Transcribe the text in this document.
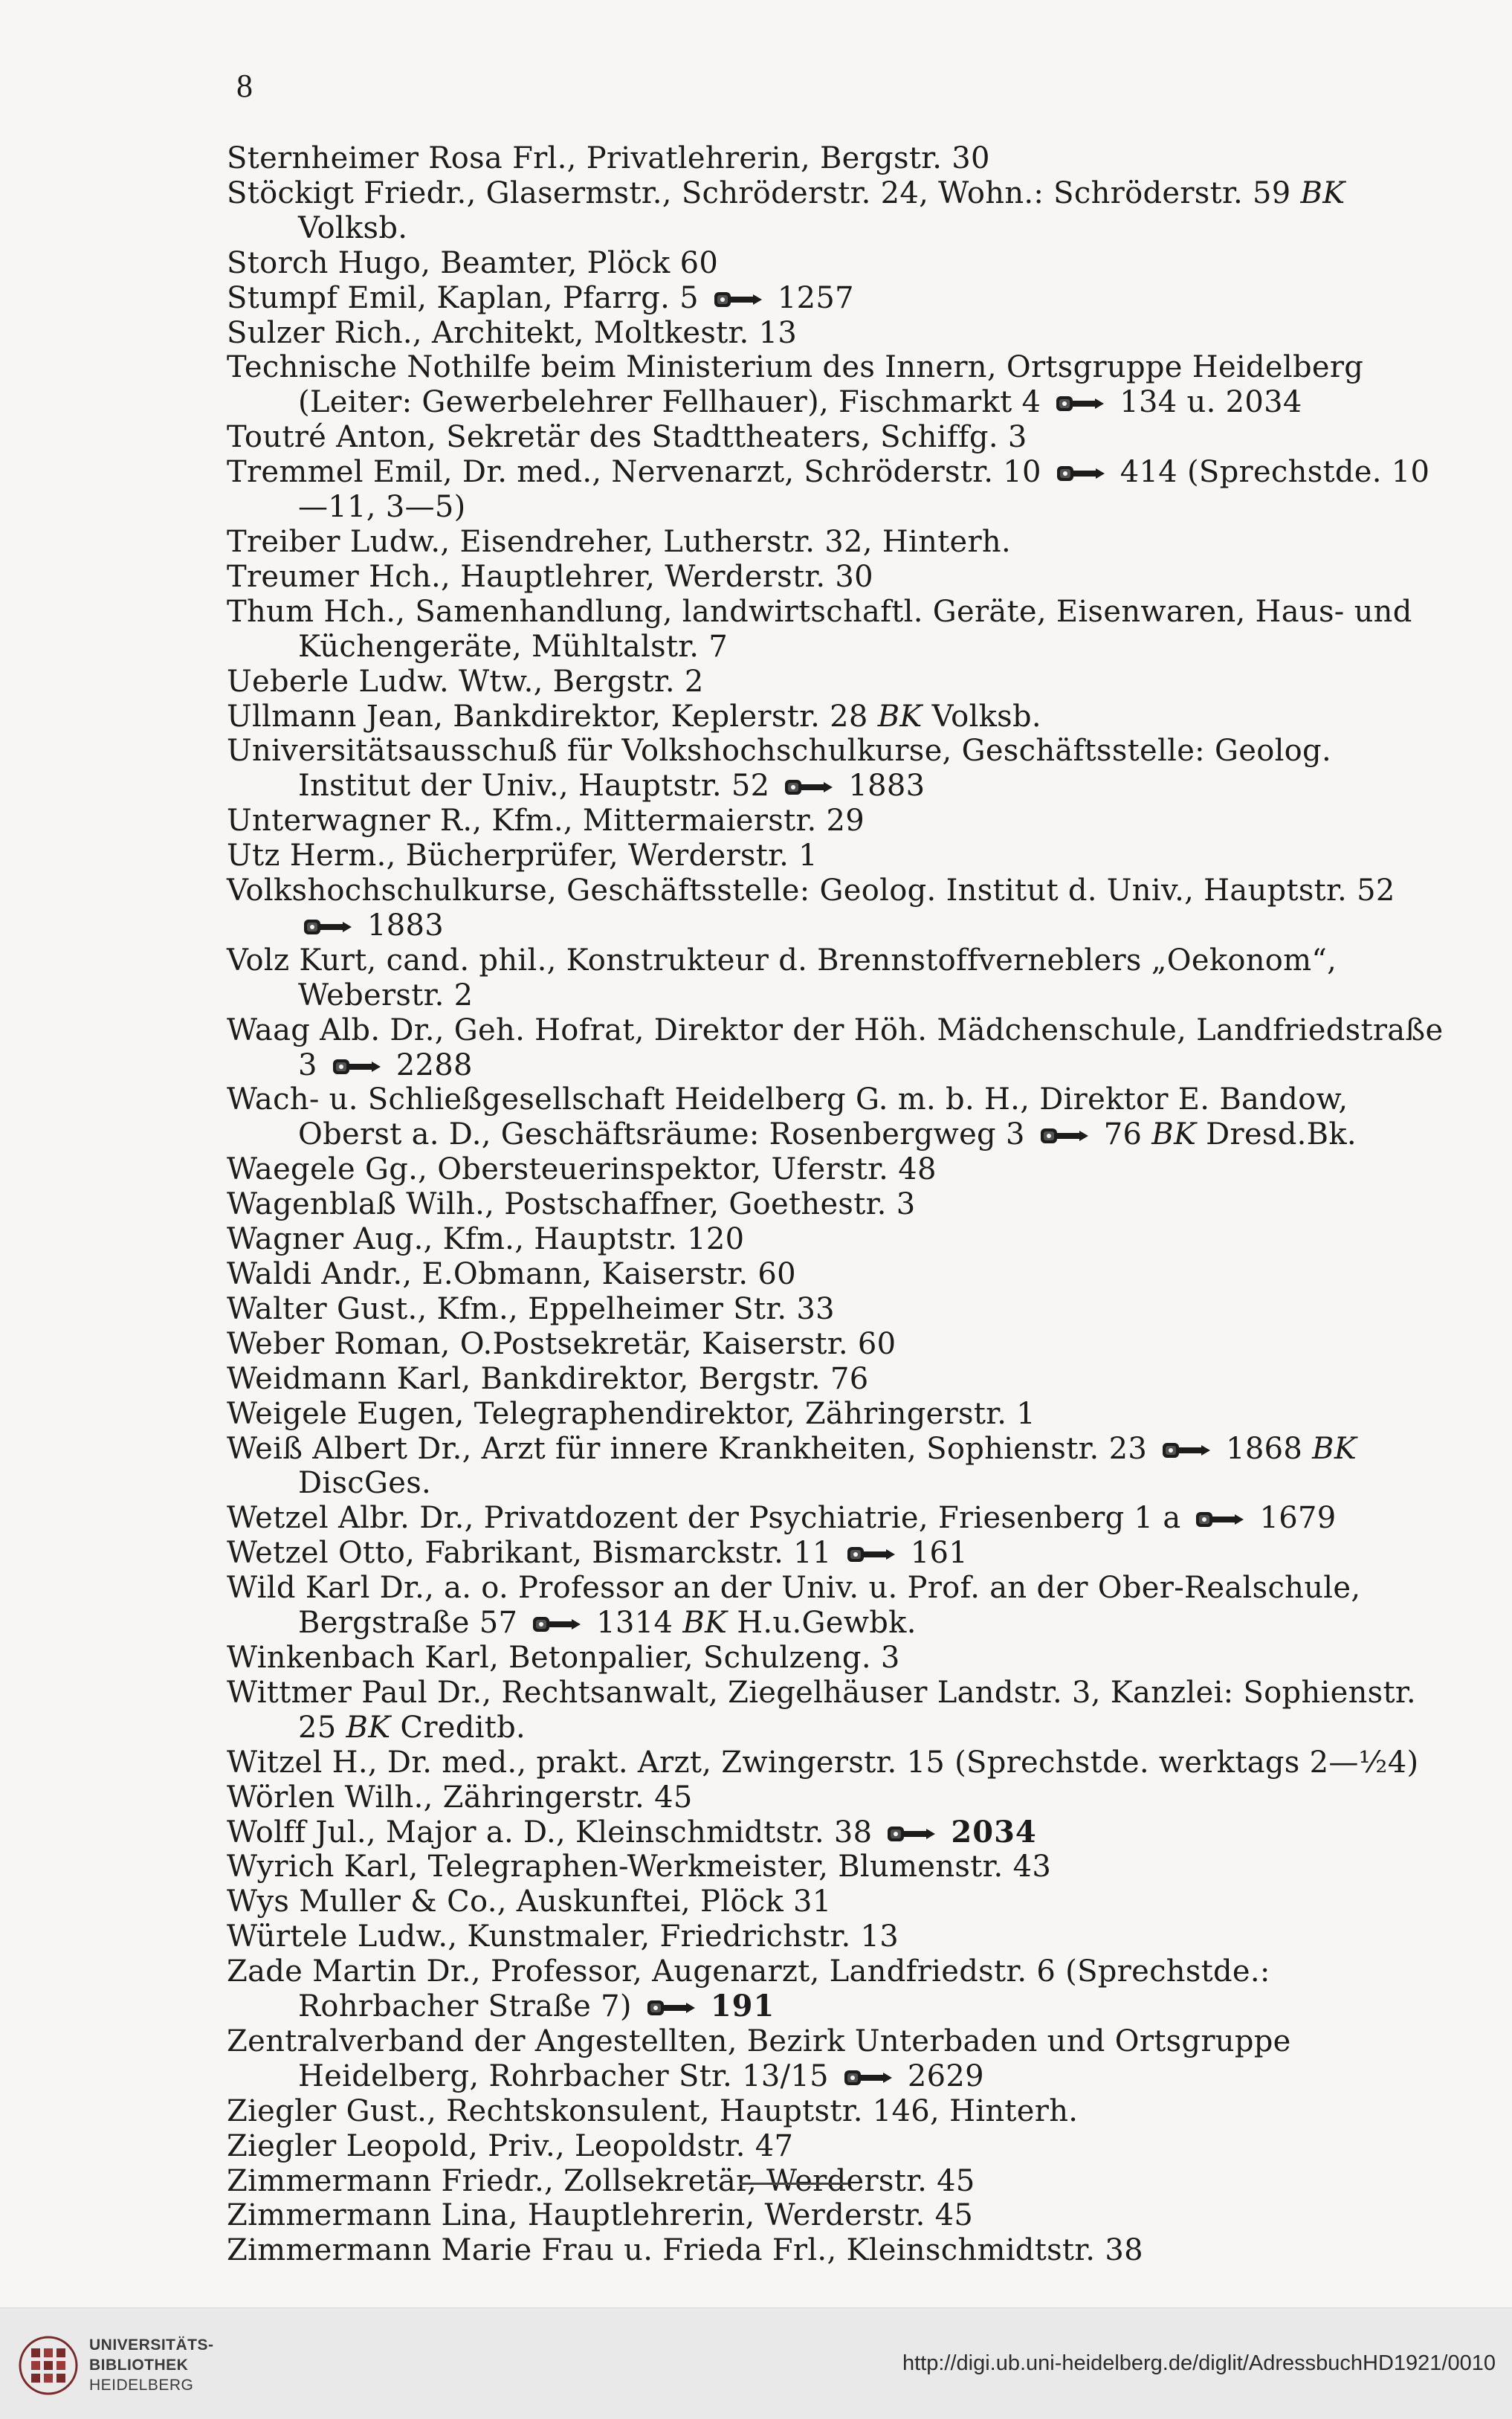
8
Sternheimer Rosa Frl., Privatlehrerin, Bergstr. 30
Stöckigt Friedr., Glasermstr., Schröderstr. 24, Wohn.: Schröderstr. 59 BK Volksb.
Storch Hugo, Beamter, Plöck 60
Stumpf Emil, Kaplan, Pfarrg. 5
1257
Sulzer Rich., Architekt, Moltkestr. 13
Technische Nothilfe beim Ministerium des Innern, Ortsgruppe Heidelberg (Leiter: Gewerbelehrer Fellhauer), Fischmarkt 4
134 u. 2034
Toutré Anton, Sekretär des Stadttheaters, Schiffg. 3
Tremmel Emil, Dr. med., Nervenarzt, Schröderstr. 10
414 (Sprechstde. 10—11, 3—5)
Treiber Ludw., Eisendreher, Lutherstr. 32, Hinterh.
Treumer Hch., Hauptlehrer, Werderstr. 30
Thum Hch., Samenhandlung, landwirtschaftl. Geräte, Eisenwaren, Haus- und Küchengeräte, Mühltalstr. 7
Ueberle Ludw. Wtw., Bergstr. 2
Ullmann Jean, Bankdirektor, Keplerstr. 28 BK Volksb.
Universitätsausschuß für Volkshochschulkurse, Geschäftsstelle: Geolog. Institut der Univ., Hauptstr. 52
1883
Unterwagner R., Kfm., Mittermaierstr. 29
Utz Herm., Bücherprüfer, Werderstr. 1
Volkshochschulkurse, Geschäftsstelle: Geolog. Institut d. Univ., Hauptstr. 52
1883
Volz Kurt, cand. phil., Konstrukteur d. Brennstoffverneblers „Oekonom“, Weberstr. 2
Waag Alb. Dr., Geh. Hofrat, Direktor der Höh. Mädchenschule, Landfriedstraße 3
2288
Wach- u. Schließgesellschaft Heidelberg G. m. b. H., Direktor E. Bandow, Oberst a. D., Geschäftsräume: Rosenbergweg 3
76 BK Dresd.Bk.
Waegele Gg., Obersteuerinspektor, Uferstr. 48
Wagenblaß Wilh., Postschaffner, Goethestr. 3
Wagner Aug., Kfm., Hauptstr. 120
Waldi Andr., E.Obmann, Kaiserstr. 60
Walter Gust., Kfm., Eppelheimer Str. 33
Weber Roman, O.Postsekretär, Kaiserstr. 60
Weidmann Karl, Bankdirektor, Bergstr. 76
Weigele Eugen, Telegraphendirektor, Zähringerstr. 1
Weiß Albert Dr., Arzt für innere Krankheiten, Sophienstr. 23
1868 BK DiscGes.
Wetzel Albr. Dr., Privatdozent der Psychiatrie, Friesenberg 1 a
1679
Wetzel Otto, Fabrikant, Bismarckstr. 11
161
Wild Karl Dr., a. o. Professor an der Univ. u. Prof. an der Ober-Realschule, Bergstraße 57
1314 BK H.u.Gewbk.
Winkenbach Karl, Betonpalier, Schulzeng. 3
Wittmer Paul Dr., Rechtsanwalt, Ziegelhäuser Landstr. 3, Kanzlei: Sophienstr. 25 BK Creditb.
Witzel H., Dr. med., prakt. Arzt, Zwingerstr. 15 (Sprechstde. werktags 2—½4)
Wörlen Wilh., Zähringerstr. 45
Wolff Jul., Major a. D., Kleinschmidtstr. 38
2034
Wyrich Karl, Telegraphen-Werkmeister, Blumenstr. 43
Wys Muller & Co., Auskunftei, Plöck 31
Würtele Ludw., Kunstmaler, Friedrichstr. 13
Zade Martin Dr., Professor, Augenarzt, Landfriedstr. 6 (Sprechstde.: Rohrbacher Straße 7)
191
Zentralverband der Angestellten, Bezirk Unterbaden und Ortsgruppe Heidelberg, Rohrbacher Str. 13/15
2629
Ziegler Gust., Rechtskonsulent, Hauptstr. 146, Hinterh.
Ziegler Leopold, Priv., Leopoldstr. 47
Zimmermann Friedr., Zollsekretär, Werderstr. 45
Zimmermann Lina, Hauptlehrerin, Werderstr. 45
Zimmermann Marie Frau u. Frieda Frl., Kleinschmidtstr. 38
UNIVERSITÄTS-
BIBLIOTHEK
HEIDELBERG
http://digi.ub.uni-heidelberg.de/diglit/AdressbuchHD1921/0010
